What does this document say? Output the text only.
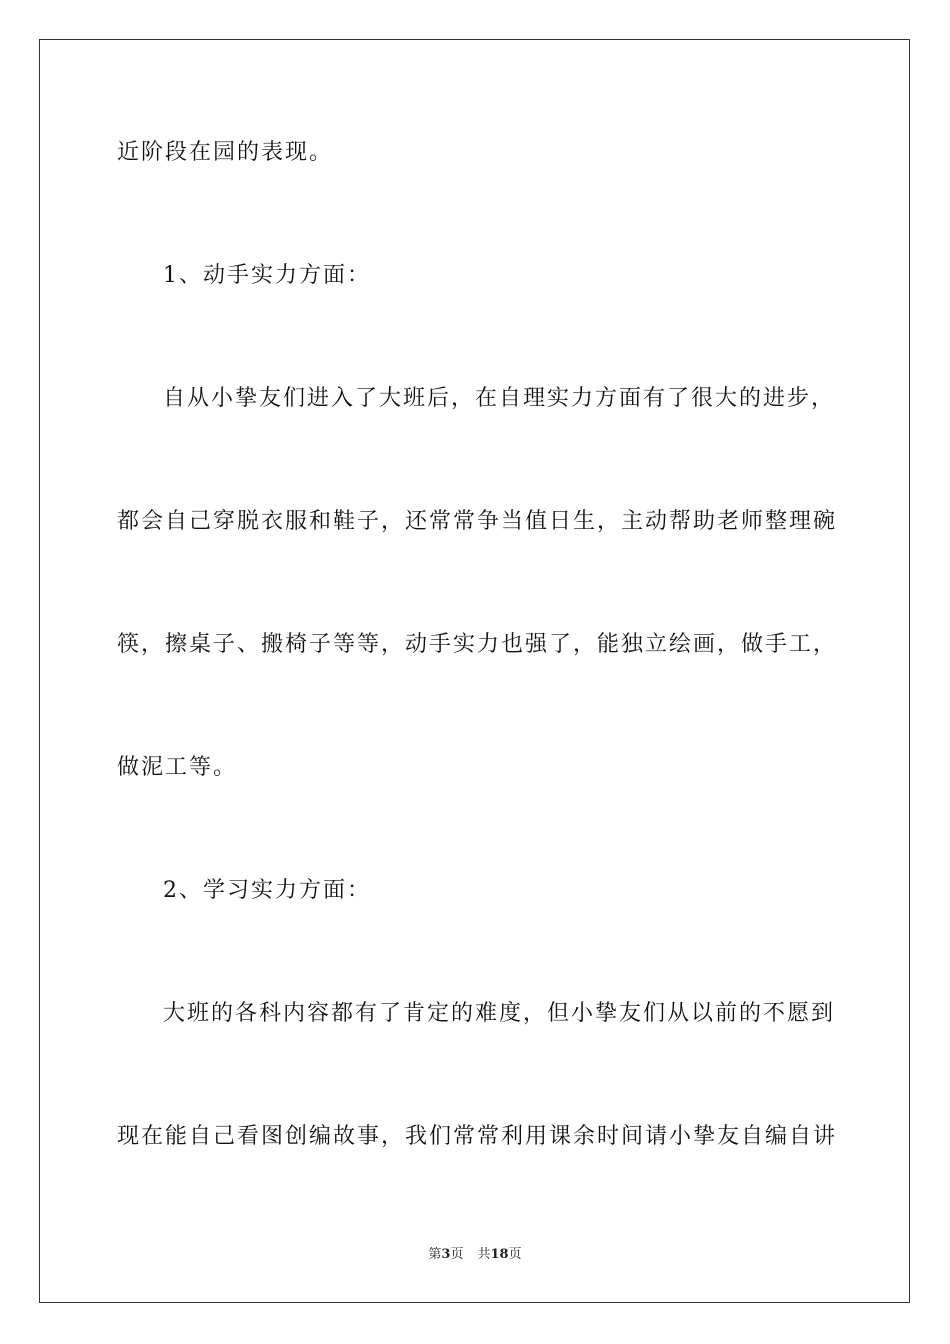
近阶段在园的表现。
1、动手实力方面：
自从小挚友们进入了大班后，在自理实力方面有了很大的进步，
都会自己穿脱衣服和鞋子，还常常争当值日生，主动帮助老师整理碗
筷，擦桌子、搬椅子等等，动手实力也强了，能独立绘画，做手工，
做泥工等。
2、学习实力方面：
大班的各科内容都有了肯定的难度，但小挚友们从以前的不愿到
现在能自己看图创编故事，我们常常利用课余时间请小挚友自编自讲
第3页 共18页
